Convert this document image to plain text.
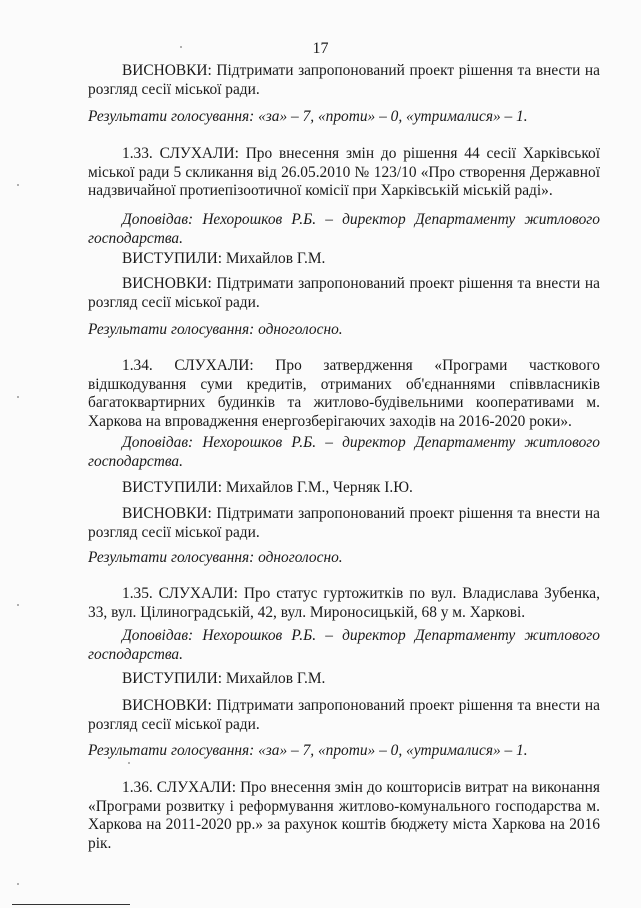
17

ВИСНОВКИ: Підтримати запропонований проект рішення та внести на розгляд сесії міської ради.

Результати голосування: «за» – 7, «проти» – 0, «утрималися» – 1.

1.33. СЛУХАЛИ: Про внесення змін до рішення 44 сесії Харківської міської ради 5 скликання від 26.05.2010 № 123/10 «Про створення Державної надзвичайної протиепізоотичної комісії при Харківській міській раді».

Доповідав: Нехорошков Р.Б. – директор Департаменту житлового господарства.

ВИСТУПИЛИ: Михайлов Г.М.

ВИСНОВКИ: Підтримати запропонований проект рішення та внести на розгляд сесії міської ради.

Результати голосування: одноголосно.

1.34. СЛУХАЛИ: Про затвердження «Програми часткового відшкодування суми кредитів, отриманих об'єднаннями співвласників багатоквартирних будинків та житлово-будівельними кооперативами м. Харкова на впровадження енергозберігаючих заходів на 2016-2020 роки».

Доповідав: Нехорошков Р.Б. – директор Департаменту житлового господарства.

ВИСТУПИЛИ: Михайлов Г.М., Черняк І.Ю.

ВИСНОВКИ: Підтримати запропонований проект рішення та внести на розгляд сесії міської ради.

Результати голосування: одноголосно.

1.35. СЛУХАЛИ: Про статус гуртожитків по вул. Владислава Зубенка, 33, вул. Цілиноградській, 42, вул. Мироносицькій, 68 у м. Харкові.

Доповідав: Нехорошков Р.Б. – директор Департаменту житлового господарства.

ВИСТУПИЛИ: Михайлов Г.М.

ВИСНОВКИ: Підтримати запропонований проект рішення та внести на розгляд сесії міської ради.

Результати голосування: «за» – 7, «проти» – 0, «утрималися» – 1.

1.36. СЛУХАЛИ: Про внесення змін до кошторисів витрат на виконання «Програми розвитку і реформування житлово-комунального господарства м. Харкова на 2011-2020 рр.» за рахунок коштів бюджету міста Харкова на 2016 рік.
